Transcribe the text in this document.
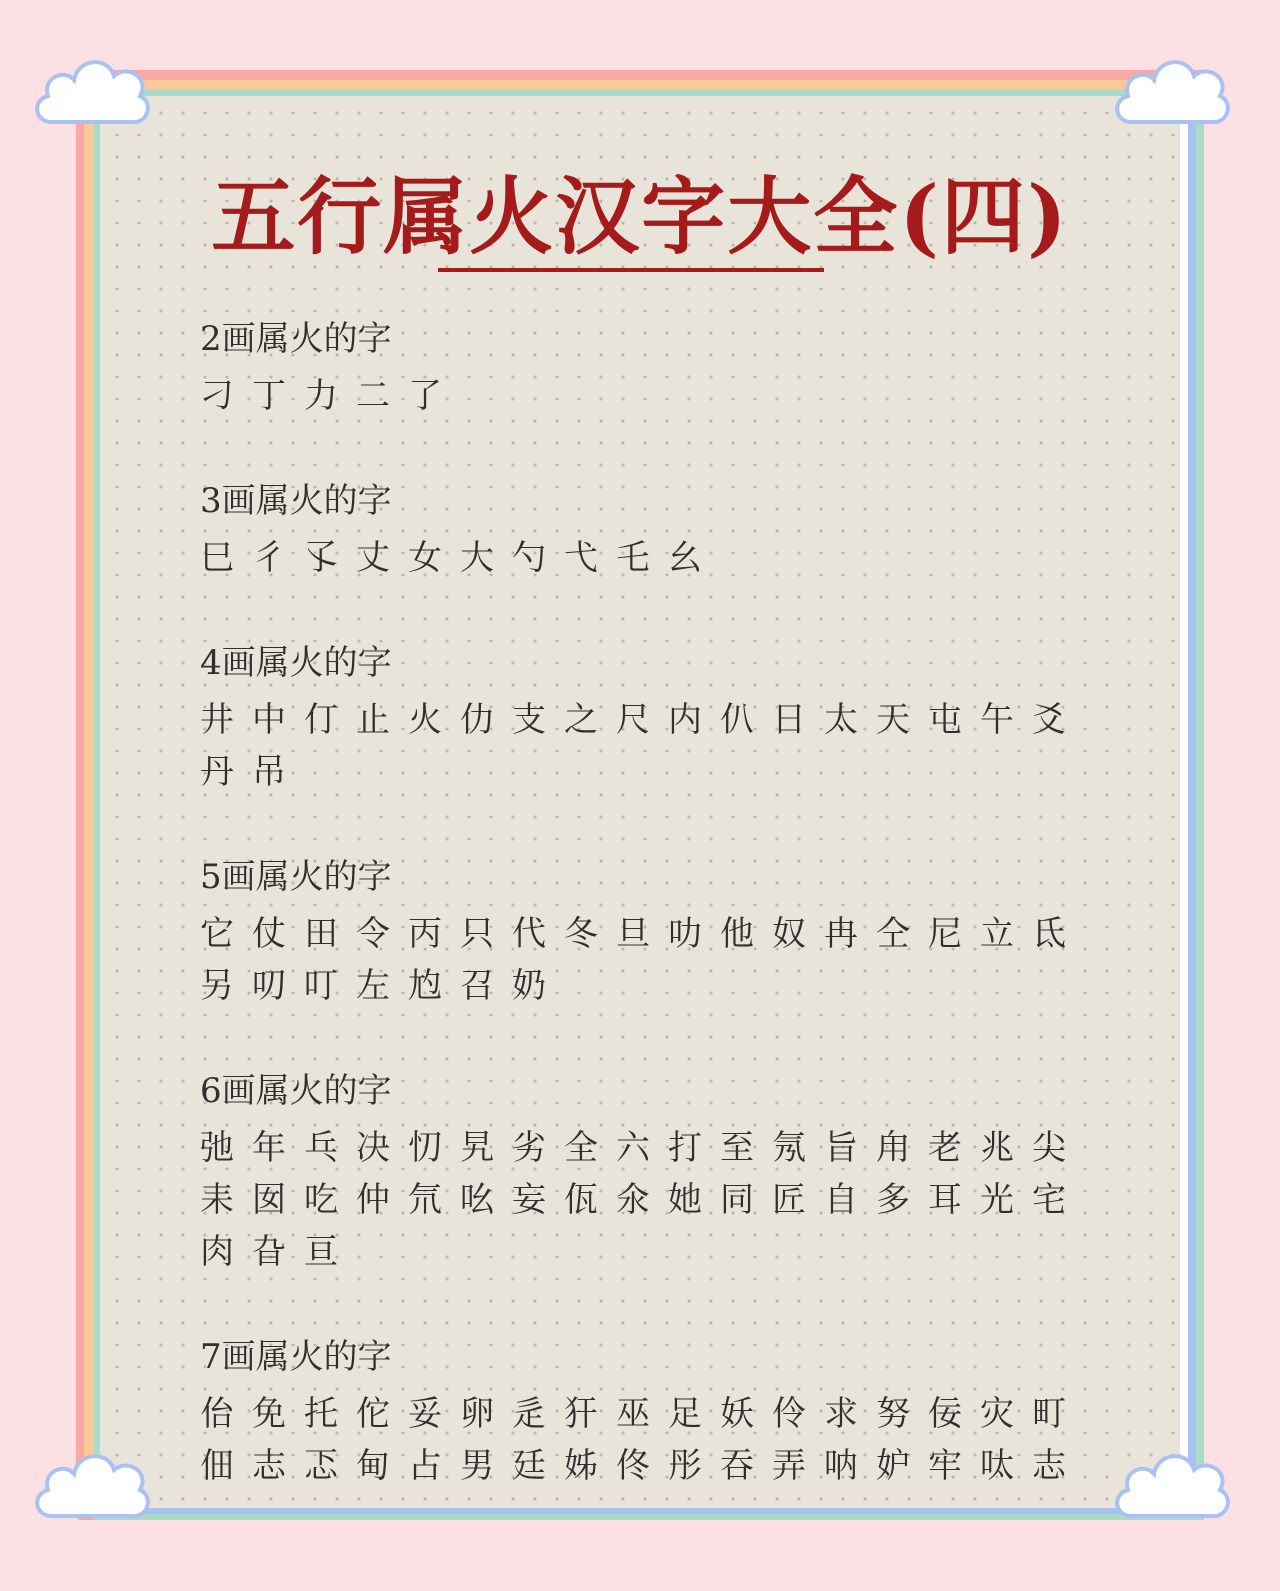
五行属火汉字大全(四)
2画属火的字
刁 丁 力 二 了
3画属火的字
巳 彳 孓 丈 女 大 勺 弋 乇 幺
4画属火的字
井 中 仃 止 火 仂 支 之 尺 内 仈 日 太 天 屯 午 爻
丹 吊
5画属火的字
它 仗 田 令 丙 只 代 冬 旦 叻 他 奴 冉 仝 尼 立 氐
另 叨 叮 左 尥 召 奶
6画属火的字
弛 年 乓 决 忉 旯 劣 全 六 打 至 氖 旨 甪 老 兆 尖
耒 囡 吃 仲 氘 吆 妄 佤 氽 她 同 匠 自 多 耳 光 宅
肉 旮 亘
7画属火的字
佁 免 托 佗 妥 卵 辵 犴 巫 足 妖 伶 求 努 佞 灾 町
佃 志 忑 甸 占 男 廷 姊 佟 彤 吞 弄 呐 妒 牢 呔 志
